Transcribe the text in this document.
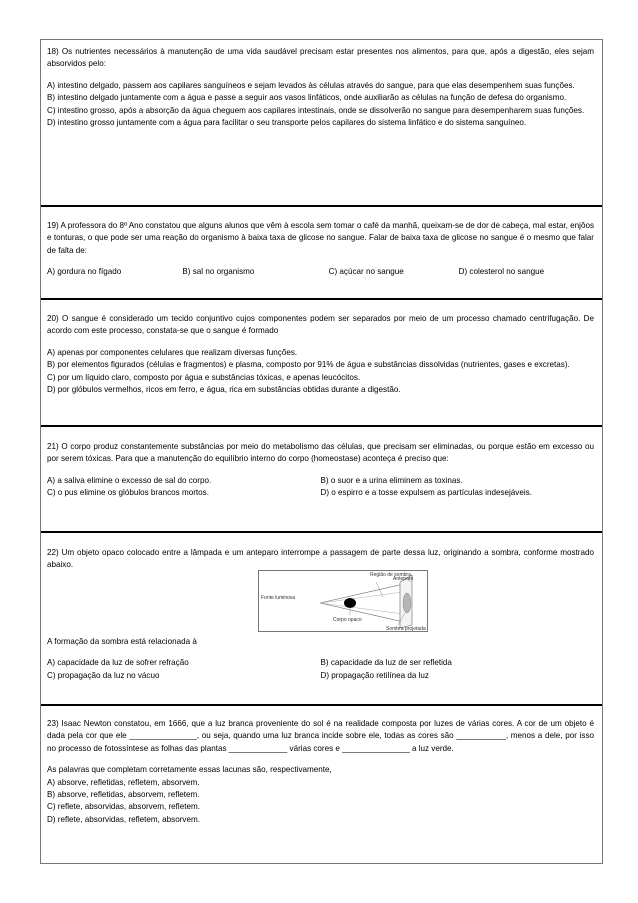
18) Os nutrientes necessários à manutenção de uma vida saudável precisam estar presentes nos alimentos, para que, após a digestão, eles sejam absorvidos pelo:

A) intestino delgado, passem aos capilares sanguíneos e sejam levados às células através do sangue, para que elas desempenhem suas funções.

B) intestino delgado juntamente com a água e passe a seguir aos vasos linfáticos, onde auxiliarão as células na função de defesa do organismo.

C) intestino grosso, após a absorção da água cheguem aos capilares intestinais, onde se dissolverão no sangue para desempenharem suas funções.

D) intestino grosso juntamente com a água para facilitar o seu transporte pelos capilares do sistema linfático e do sistema sanguíneo.

19) A professora do 8º Ano constatou que alguns alunos que vêm à escola sem tomar o café da manhã, queixam-se de dor de cabeça, mal estar, enjôos e tonturas, o que pode ser uma reação do organismo à baixa taxa de glicose no sangue. Falar de baixa taxa de glicose no sangue é o mesmo que falar de falta de:

A) gordura no fígado	B) sal no organismo	C) açúcar no sangue	D) colesterol no sangue

20) O sangue é considerado um tecido conjuntivo cujos componentes podem ser separados por meio de um processo chamado centrifugação. De acordo com este processo, constata-se que o sangue é formado

A) apenas por componentes celulares que realizam diversas funções.

B) por elementos figurados (células e fragmentos) e plasma, composto por 91% de água e substâncias dissolvidas (nutrientes, gases e excretas).

C) por um líquido claro, composto por água e substâncias tóxicas, e apenas leucócitos.

D) por glóbulos vermelhos, ricos em ferro, e água, rica em substâncias obtidas durante a digestão.

21) O corpo produz constantemente substâncias por meio do metabolismo das células, que precisam ser eliminadas, ou porque estão em excesso ou por serem tóxicas. Para que a manutenção do equilíbrio interno do corpo (homeostase) aconteça é preciso que:

A) a saliva elimine o excesso de sal do corpo.	B) o suor e a urina eliminem as toxinas.
C) o pus elimine os glóbulos brancos mortos.	D) o espirro e a tosse expulsem as partículas indesejáveis.

22) Um objeto opaco colocado entre a lâmpada e um anteparo interrompe a passagem de parte dessa luz, originando a sombra, conforme mostrado abaixo.

Região de sombra
Anteparo
Fonte luminosa
Corpo opaco
Sombra projetada

A formação da sombra está relacionada à

A) capacidade da luz de sofrer refração	B) capacidade da luz de ser refletida
C) propagação da luz no vácuo	D) propagação retilínea da luz

23) Isaac Newton constatou, em 1666, que a luz branca proveniente do sol é na realidade composta por luzes de várias cores. A cor de um objeto é dada pela cor que ele _______________, ou seja, quando uma luz branca incide sobre ele, todas as cores são ___________, menos a dele, por isso no processo de fotossíntese as folhas das plantas _____________ várias cores e _______________ a luz verde.

As palavras que completam corretamente essas lacunas são, respectivamente,

A) absorve, refletidas, refletem, absorvem.

B) absorve, refletidas, absorvem, refletem.

C) reflete, absorvidas, absorvem, refletem.

D) reflete, absorvidas, refletem, absorvem.
